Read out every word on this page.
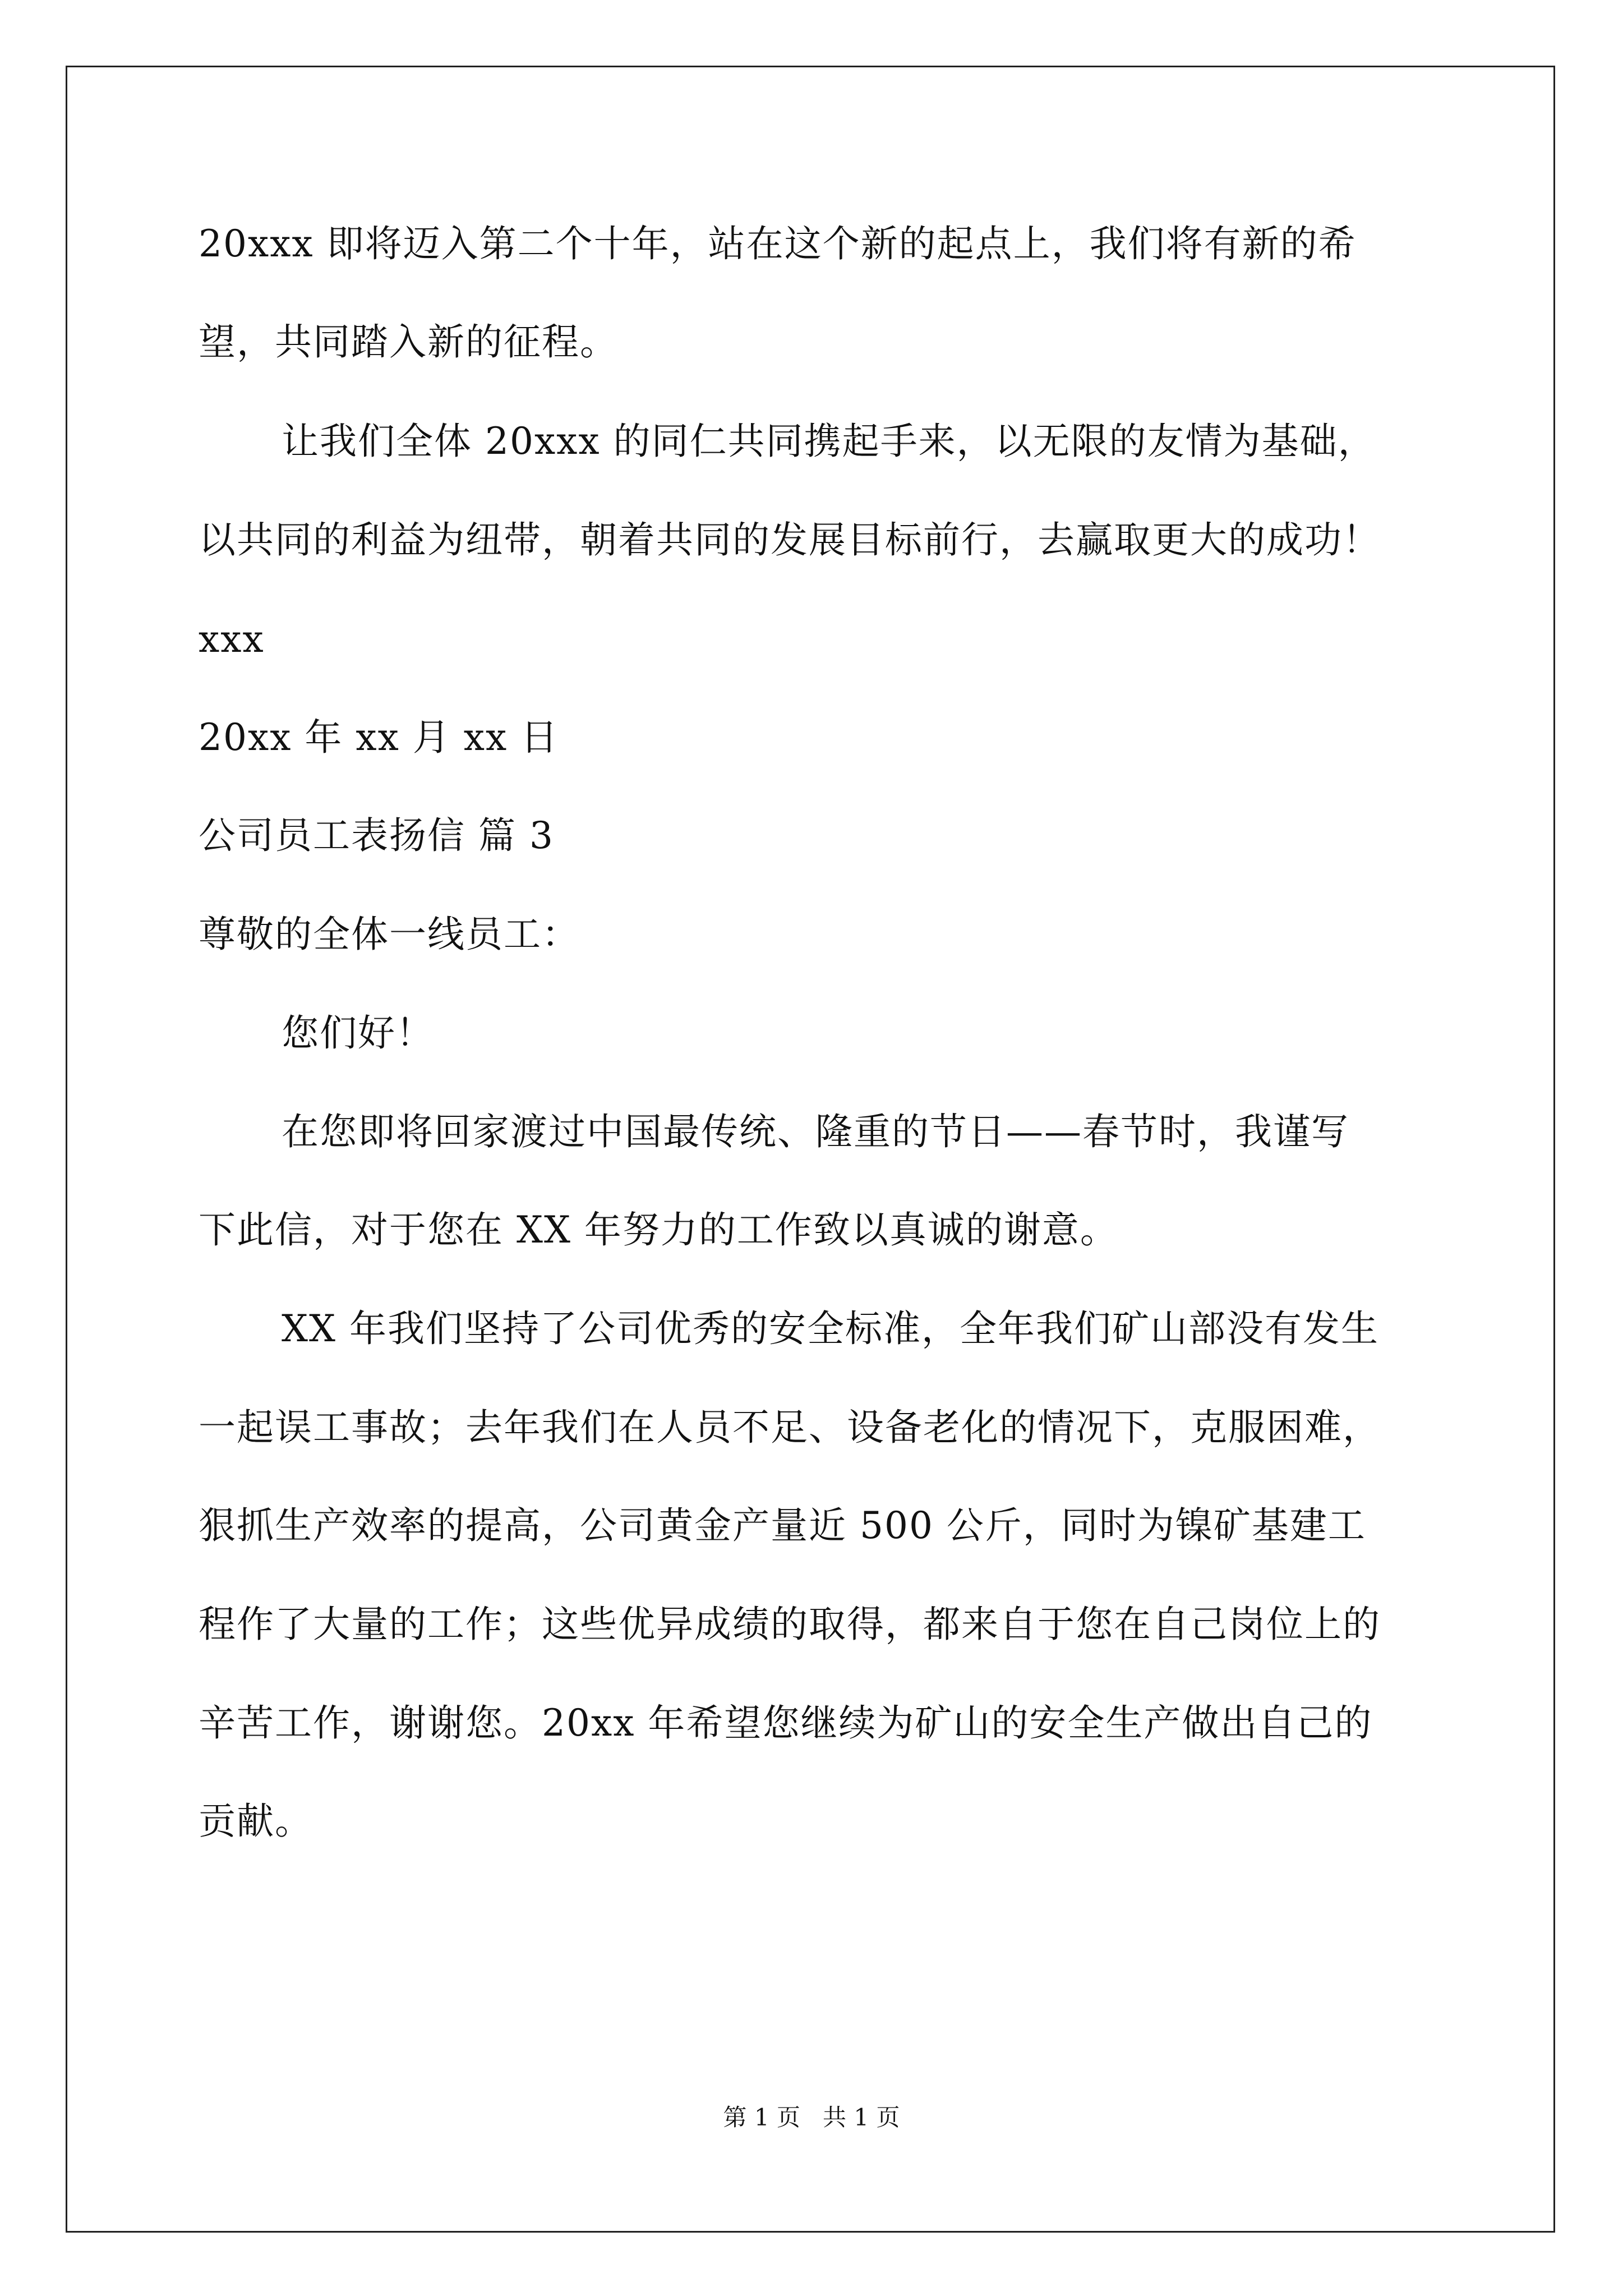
20xxx 即将迈入第二个十年，站在这个新的起点上，我们将有新的希
望，共同踏入新的征程。
让我们全体 20xxx 的同仁共同携起手来，以无限的友情为基础，
以共同的利益为纽带，朝着共同的发展目标前行，去赢取更大的成功！
xxx
20xx 年 xx 月 xx 日
公司员工表扬信 篇 3
尊敬的全体一线员工：
您们好！
在您即将回家渡过中国最传统、隆重的节日——春节时，我谨写
下此信，对于您在 XX 年努力的工作致以真诚的谢意。
XX 年我们坚持了公司优秀的安全标准，全年我们矿山部没有发生
一起误工事故；去年我们在人员不足、设备老化的情况下，克服困难，
狠抓生产效率的提高，公司黄金产量近 500 公斤，同时为镍矿基建工
程作了大量的工作；这些优异成绩的取得，都来自于您在自己岗位上的
辛苦工作，谢谢您。20xx 年希望您继续为矿山的安全生产做出自己的
贡献。
第 1 页   共 1 页
